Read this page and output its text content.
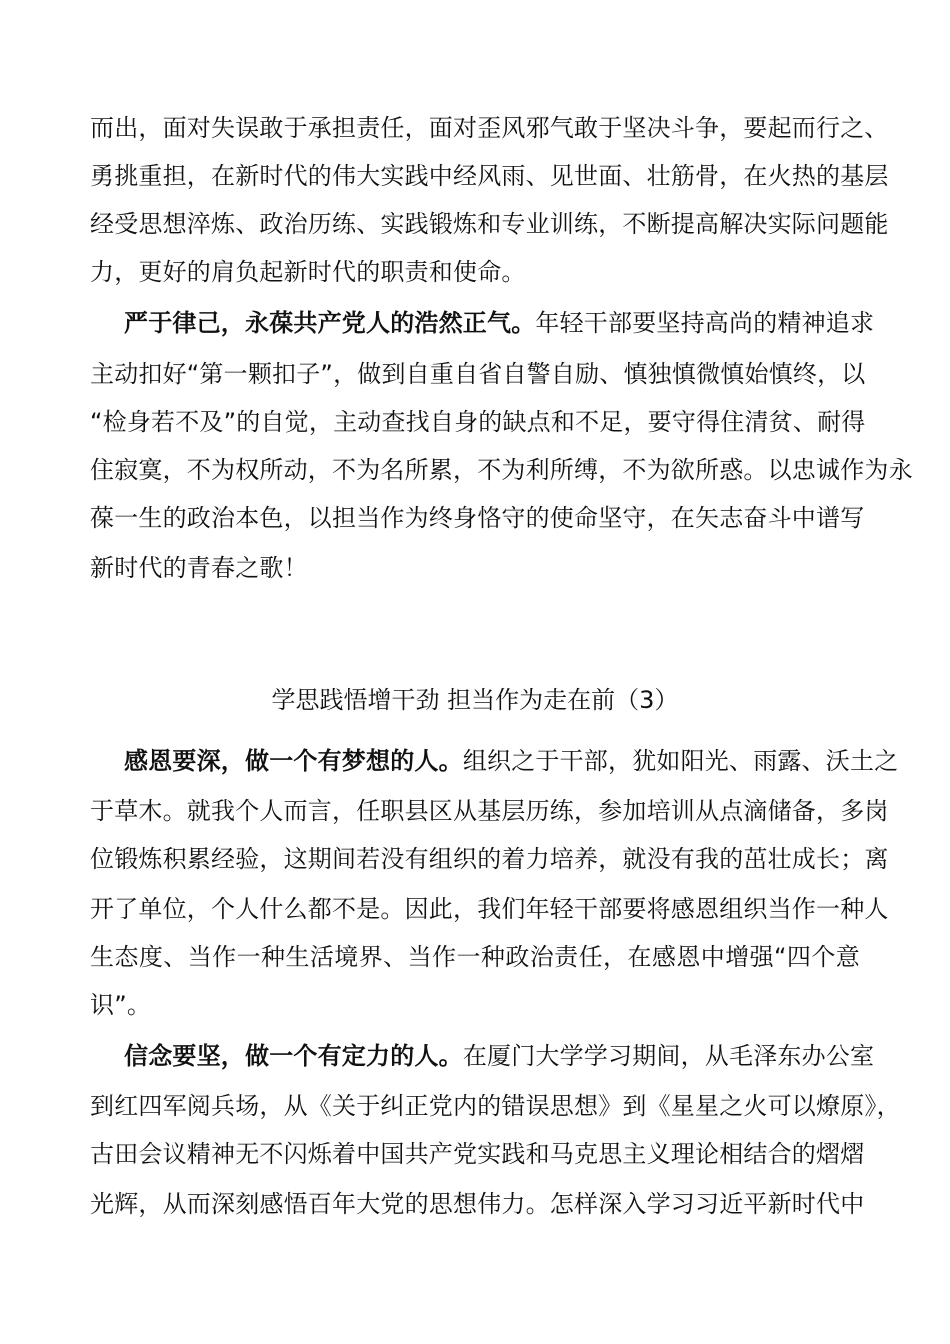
而出，面对失误敢于承担责任，面对歪风邪气敢于坚决斗争，要起而行之、
勇挑重担，在新时代的伟大实践中经风雨、见世面、壮筋骨，在火热的基层
经受思想淬炼、政治历练、实践锻炼和专业训练，不断提高解决实际问题能
力，更好的肩负起新时代的职责和使命。
严于律己，永葆共产党人的浩然正气。年轻干部要坚持高尚的精神追求
主动扣好“第一颗扣子”，做到自重自省自警自励、慎独慎微慎始慎终，以
“检身若不及”的自觉，主动查找自身的缺点和不足，要守得住清贫、耐得
住寂寞，不为权所动，不为名所累，不为利所缚，不为欲所惑。以忠诚作为永
葆一生的政治本色，以担当作为终身恪守的使命坚守，在矢志奋斗中谱写
新时代的青春之歌！
学思践悟增干劲 担当作为走在前（3）
感恩要深，做一个有梦想的人。组织之于干部，犹如阳光、雨露、沃土之
于草木。就我个人而言，任职县区从基层历练，参加培训从点滴储备，多岗
位锻炼积累经验，这期间若没有组织的着力培养，就没有我的茁壮成长；离
开了单位，个人什么都不是。因此，我们年轻干部要将感恩组织当作一种人
生态度、当作一种生活境界、当作一种政治责任，在感恩中增强“四个意
识”。
信念要坚，做一个有定力的人。在厦门大学学习期间，从毛泽东办公室
到红四军阅兵场，从《关于纠正党内的错误思想》到《星星之火可以燎原》，
古田会议精神无不闪烁着中国共产党实践和马克思主义理论相结合的熠熠
光辉，从而深刻感悟百年大党的思想伟力。怎样深入学习习近平新时代中
